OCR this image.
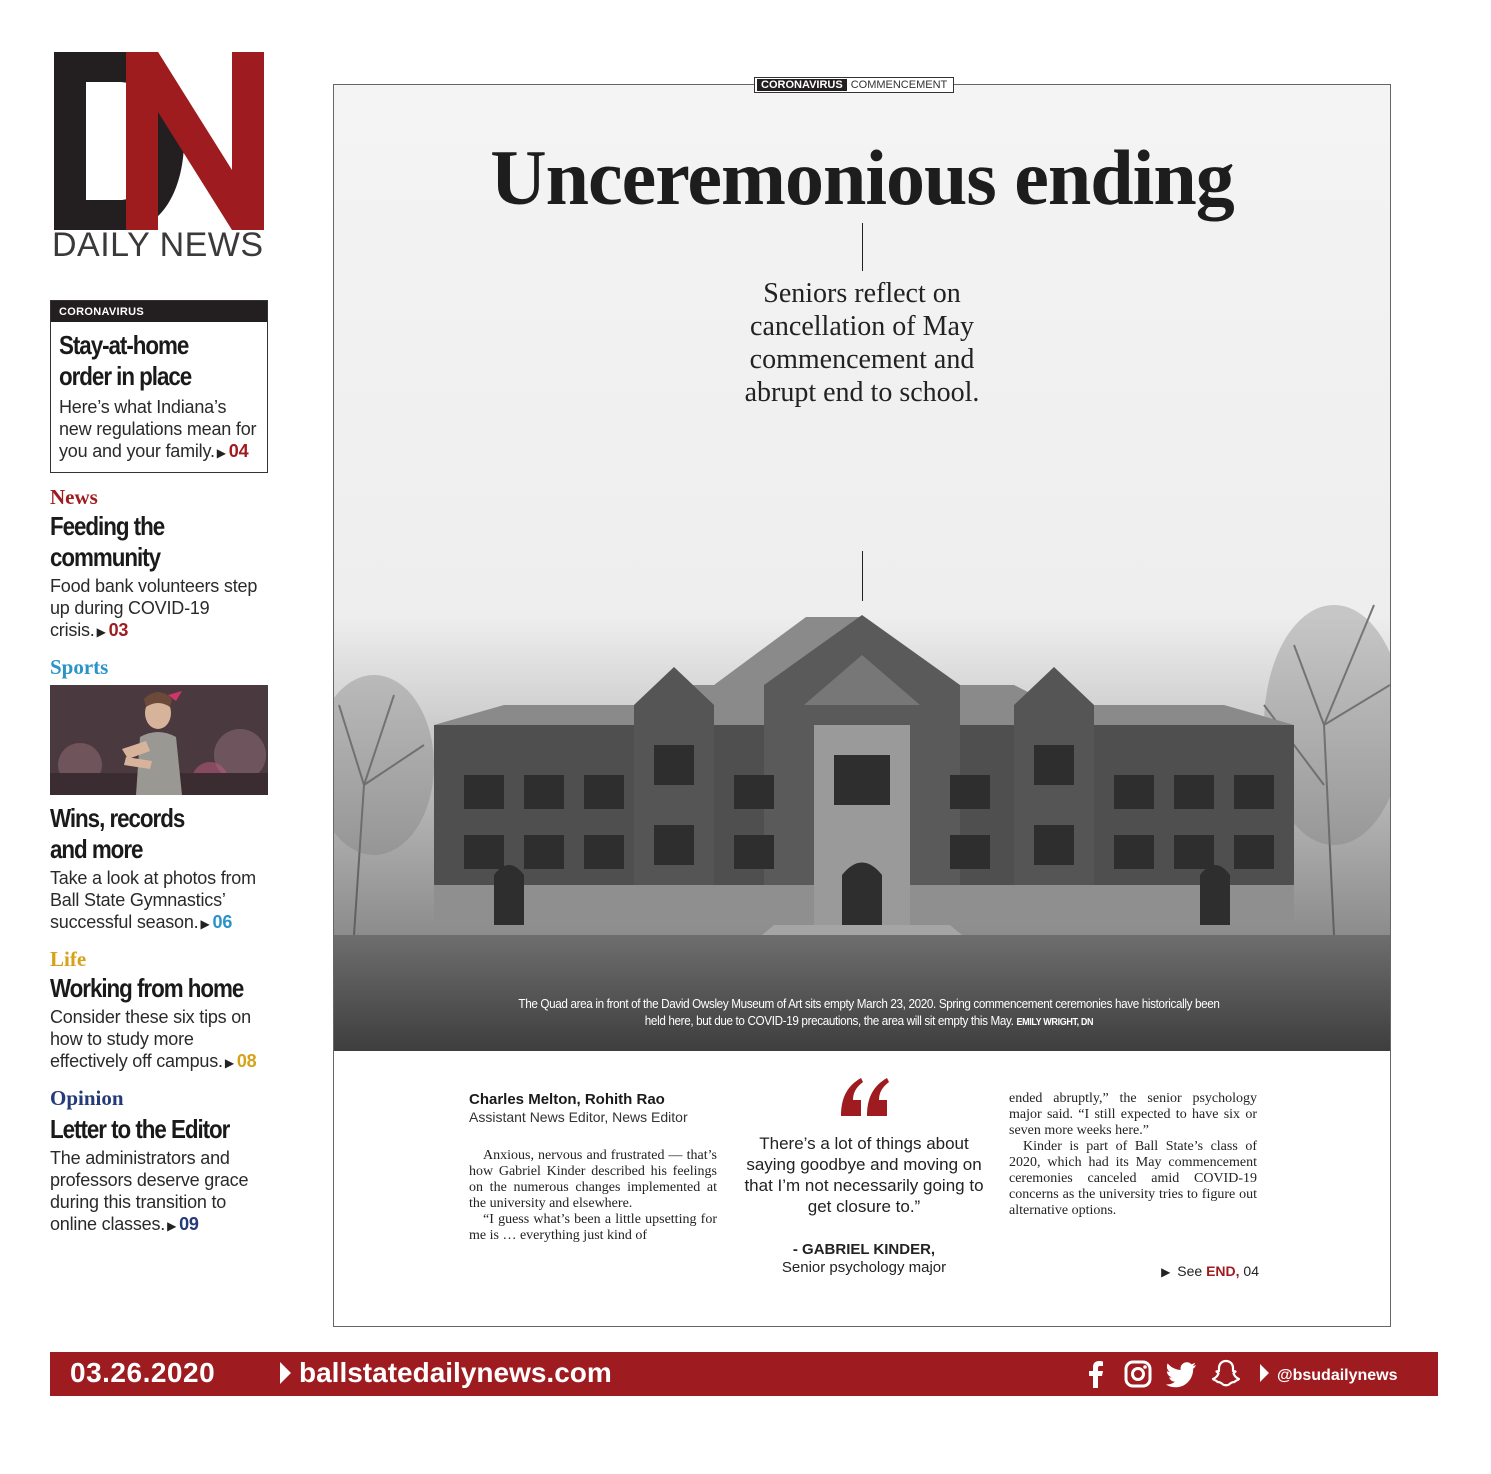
DAILY NEWS
CORONAVIRUS
Stay-at-home
order in place
Here’s what Indiana’s new regulations mean for you and your family. ▶ 04
News
Feeding the
community
Food bank volunteers step up during COVID-19 crisis. ▶ 03
Sports
Wins, records
and more
Take a look at photos from Ball State Gymnastics’ successful season. ▶ 06
Life
Working from home
Consider these six tips on how to study more effectively off campus. ▶ 08
Opinion
Letter to the Editor
The administrators and professors deserve grace during this transition to online classes. ▶ 09
CORONAVIRUS COMMENCEMENT
Unceremonious ending
Seniors reflect on cancellation of May commencement and abrupt end to school.
The Quad area in front of the David Owsley Museum of Art sits empty March 23, 2020. Spring commencement ceremonies have historically been held here, but due to COVID-19 precautions, the area will sit empty this May. EMILY WRIGHT, DN
Charles Melton, Rohith Rao
Assistant News Editor, News Editor

Anxious, nervous and frustrated — that’s how Gabriel Kinder described his feelings on the numerous changes implemented at the university and elsewhere.

“I guess what’s been a little upsetting for me is … everything just kind of

There’s a lot of things about saying goodbye and moving on that I’m not necessarily going to get closure to.”
- GABRIEL KINDER,
Senior psychology major

ended abruptly,” the senior psychology major said. “I still expected to have six or seven more weeks here.”

Kinder is part of Ball State’s class of 2020, which had its May commencement ceremonies canceled amid COVID-19 concerns as the university tries to figure out alternative options.

▶ See END, 04
03.26.2020	ballstatedailynews.com	@bsudailynews
